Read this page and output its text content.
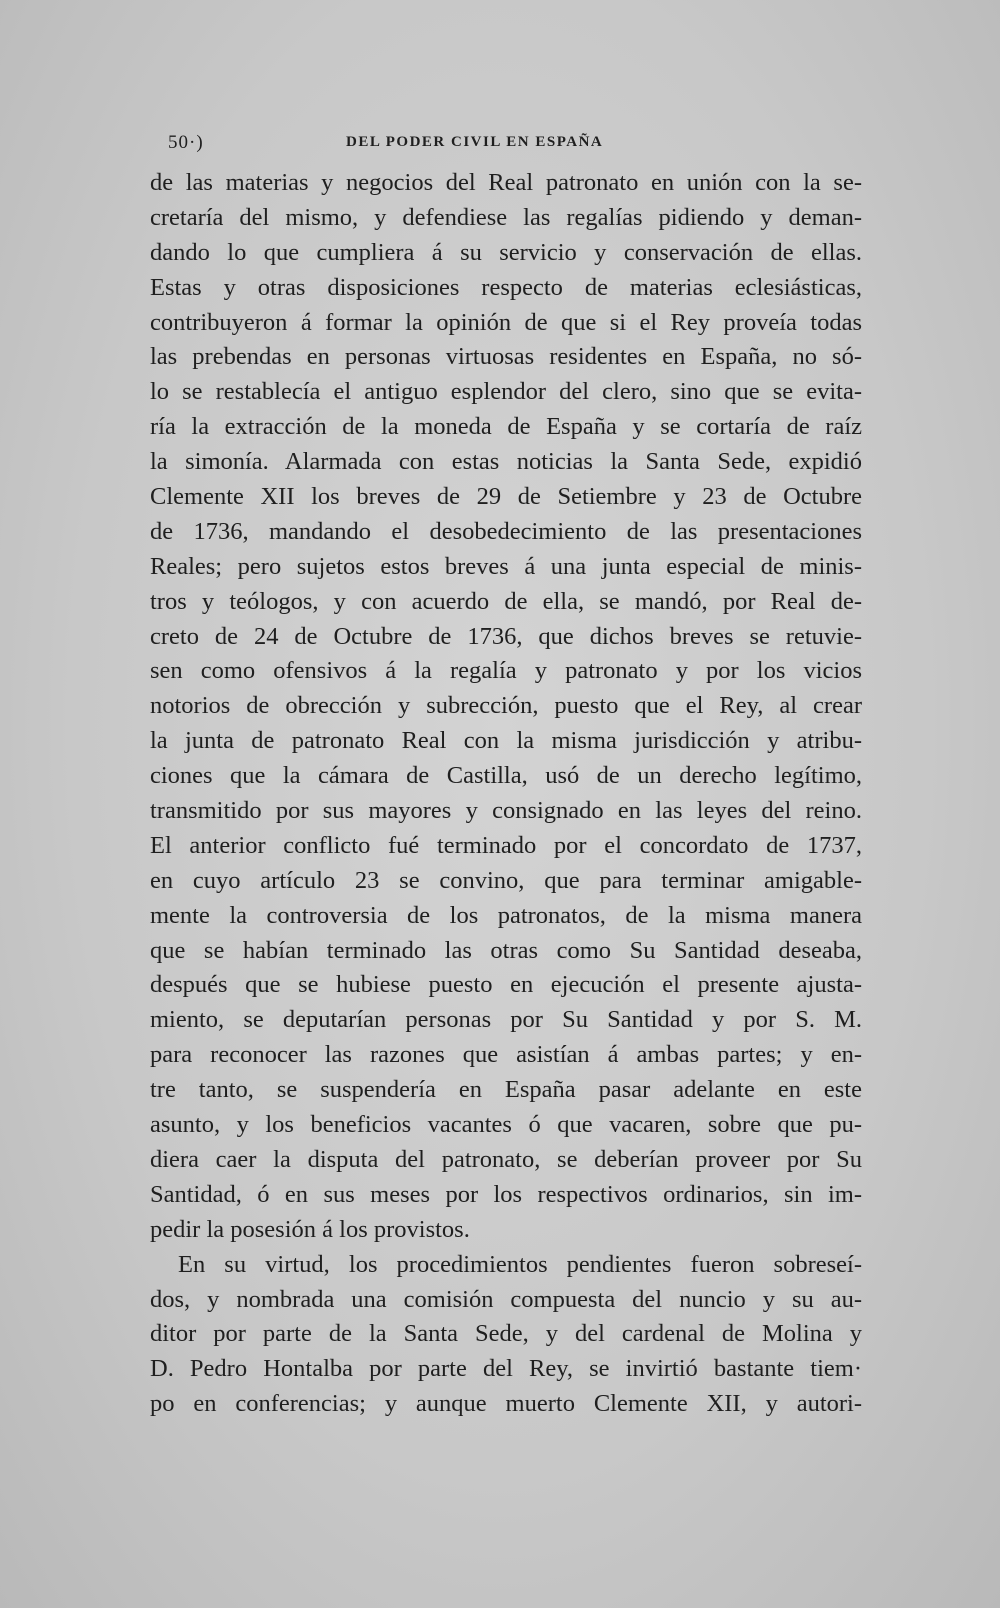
50·)	DEL PODER CIVIL EN ESPAÑA
de las materias y negocios del Real patronato en unión con la se-
cretaría del mismo, y defendiese las regalías pidiendo y deman-
dando lo que cumpliera á su servicio y conservación de ellas.
Estas y otras disposiciones respecto de materias eclesiásticas,
contribuyeron á formar la opinión de que si el Rey proveía todas
las prebendas en personas virtuosas residentes en España, no só-
lo se restablecía el antiguo esplendor del clero, sino que se evita-
ría la extracción de la moneda de España y se cortaría de raíz
la simonía. Alarmada con estas noticias la Santa Sede, expidió
Clemente XII los breves de 29 de Setiembre y 23 de Octubre
de 1736, mandando el desobedecimiento de las presentaciones
Reales; pero sujetos estos breves á una junta especial de minis-
tros y teólogos, y con acuerdo de ella, se mandó, por Real de-
creto de 24 de Octubre de 1736, que dichos breves se retuvie-
sen como ofensivos á la regalía y patronato y por los vicios
notorios de obrección y subrección, puesto que el Rey, al crear
la junta de patronato Real con la misma jurisdicción y atribu-
ciones que la cámara de Castilla, usó de un derecho legítimo,
transmitido por sus mayores y consignado en las leyes del reino.
El anterior conflicto fué terminado por el concordato de 1737,
en cuyo artículo 23 se convino, que para terminar amigable-
mente la controversia de los patronatos, de la misma manera
que se habían terminado las otras como Su Santidad deseaba,
después que se hubiese puesto en ejecución el presente ajusta-
miento, se deputarían personas por Su Santidad y por S. M.
para reconocer las razones que asistían á ambas partes; y en-
tre tanto, se suspendería en España pasar adelante en este
asunto, y los beneficios vacantes ó que vacaren, sobre que pu-
diera caer la disputa del patronato, se deberían proveer por Su
Santidad, ó en sus meses por los respectivos ordinarios, sin im-
pedir la posesión á los provistos.
En su virtud, los procedimientos pendientes fueron sobreseí-
dos, y nombrada una comisión compuesta del nuncio y su au-
ditor por parte de la Santa Sede, y del cardenal de Molina y
D. Pedro Hontalba por parte del Rey, se invirtió bastante tiem·
po en conferencias; y aunque muerto Clemente XII, y autori-
